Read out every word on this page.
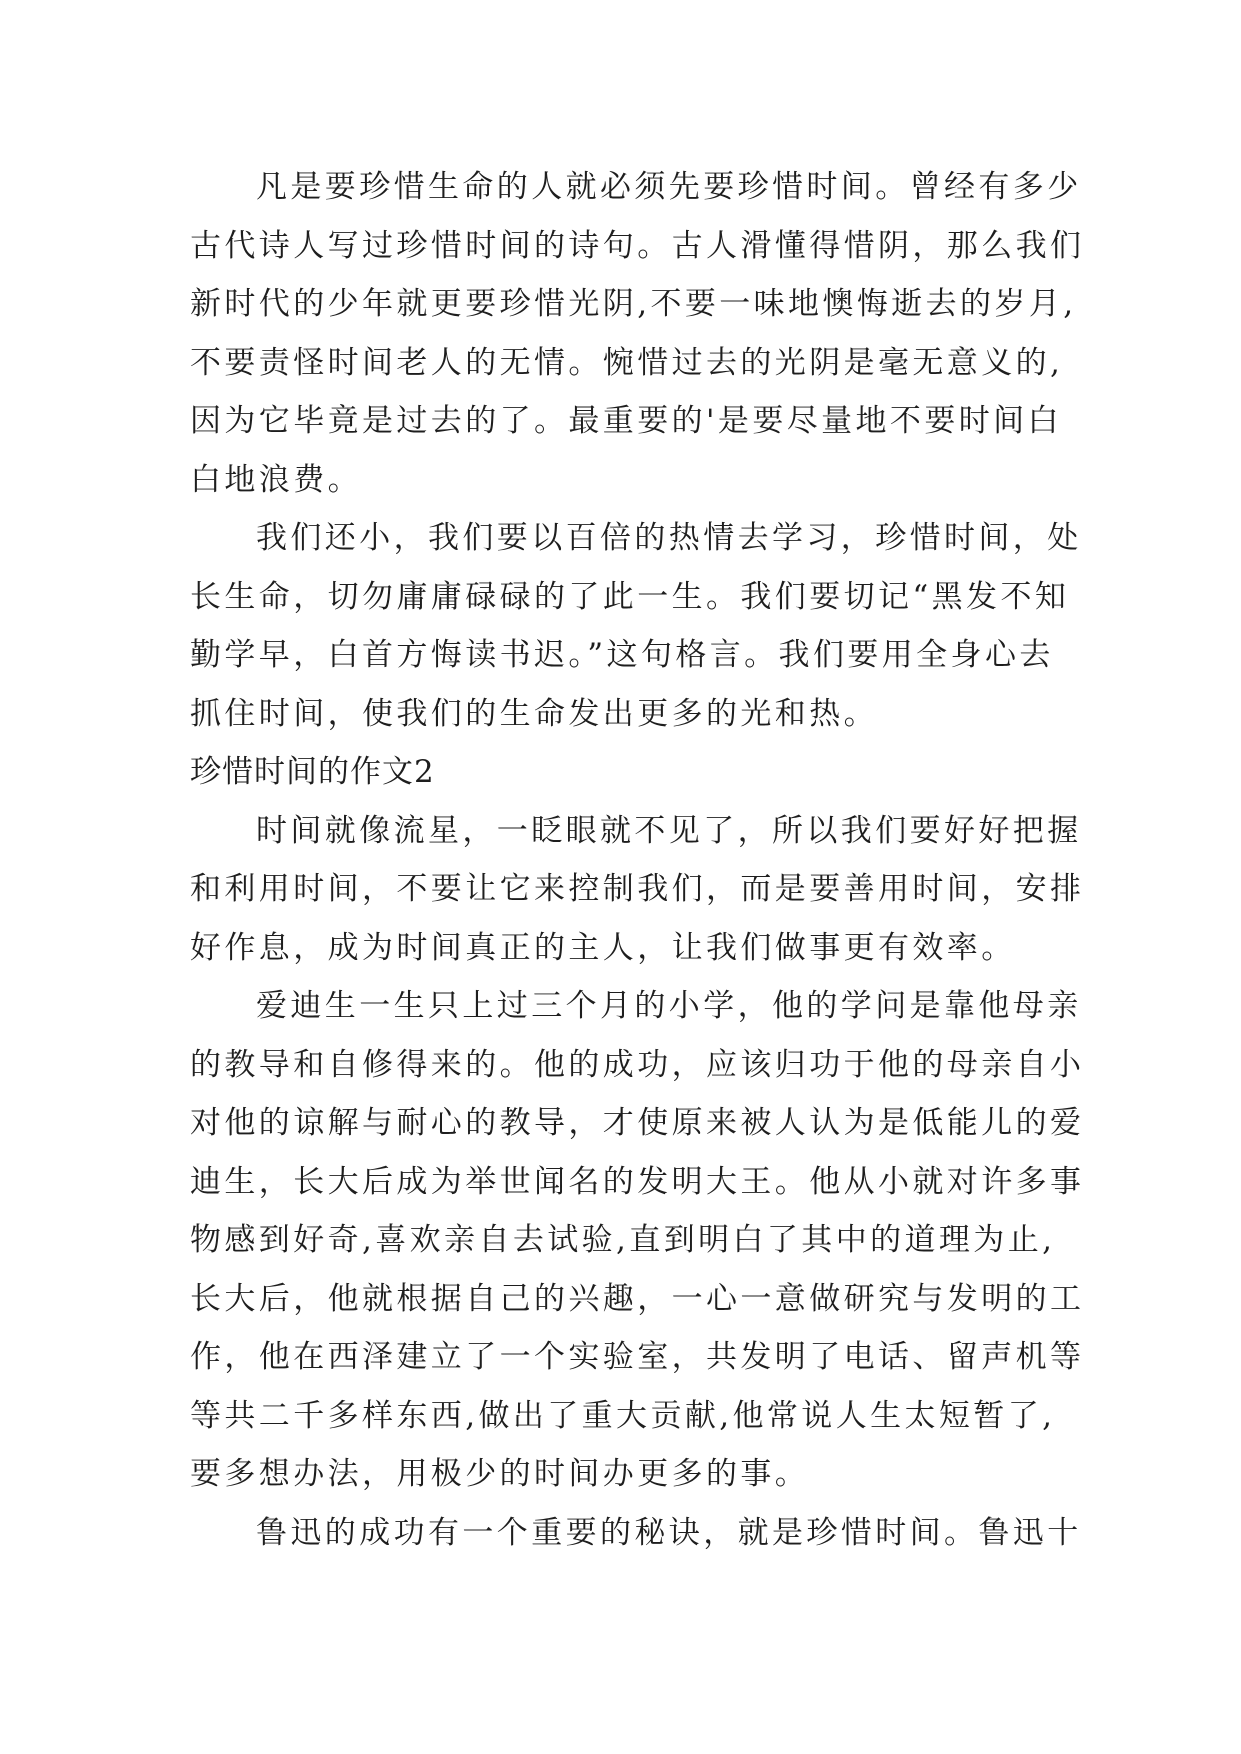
凡是要珍惜生命的人就必须先要珍惜时间。曾经有多少
古代诗人写过珍惜时间的诗句。古人滑懂得惜阴，那么我们
新时代的少年就更要珍惜光阴,不要一味地懊悔逝去的岁月,
不要责怪时间老人的无情。惋惜过去的光阴是毫无意义的,
因为它毕竟是过去的了。最重要的'是要尽量地不要时间白
白地浪费。
我们还小，我们要以百倍的热情去学习，珍惜时间，处
长生命，切勿庸庸碌碌的了此一生。我们要切记“黑发不知
勤学早，白首方悔读书迟。”这句格言。我们要用全身心去
抓住时间，使我们的生命发出更多的光和热。
珍惜时间的作文2
时间就像流星，一眨眼就不见了，所以我们要好好把握
和利用时间，不要让它来控制我们，而是要善用时间，安排
好作息，成为时间真正的主人，让我们做事更有效率。
爱迪生一生只上过三个月的小学，他的学问是靠他母亲
的教导和自修得来的。他的成功，应该归功于他的母亲自小
对他的谅解与耐心的教导，才使原来被人认为是低能儿的爱
迪生，长大后成为举世闻名的发明大王。他从小就对许多事
物感到好奇,喜欢亲自去试验,直到明白了其中的道理为止,
长大后，他就根据自己的兴趣，一心一意做研究与发明的工
作，他在西泽建立了一个实验室，共发明了电话、留声机等
等共二千多样东西,做出了重大贡献,他常说人生太短暂了,
要多想办法，用极少的时间办更多的事。
鲁迅的成功有一个重要的秘诀，就是珍惜时间。鲁迅十
